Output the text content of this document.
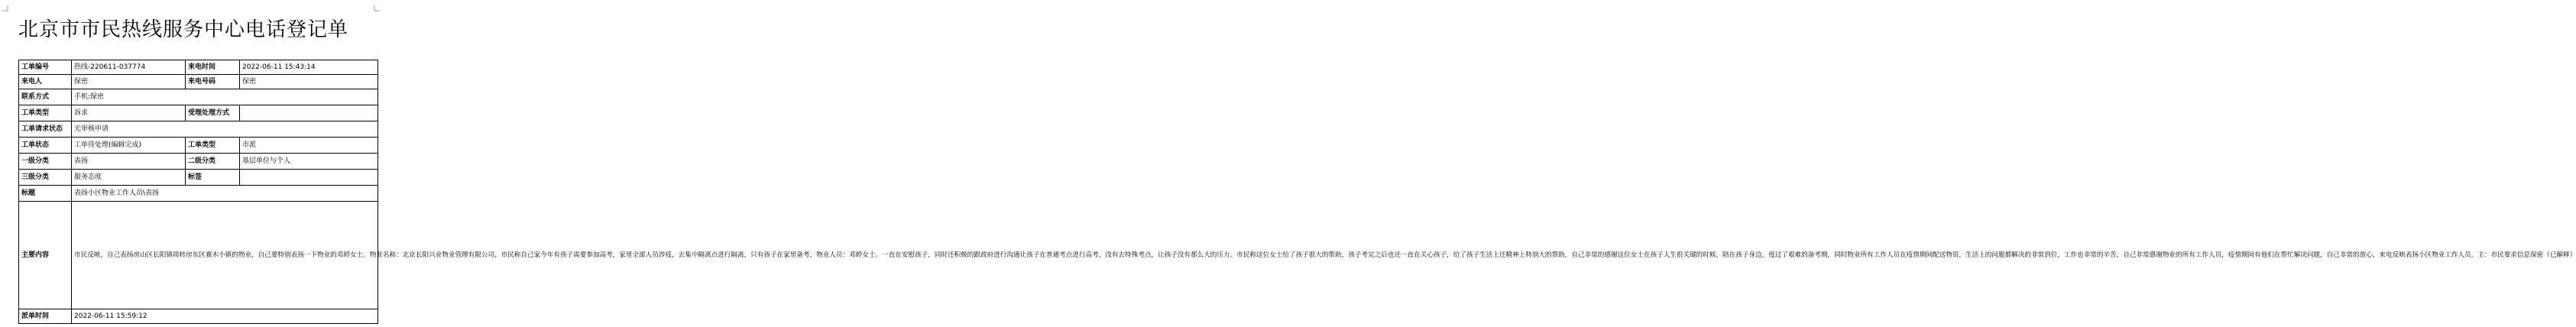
北京市市民热线服务中心电话登记单
工单编号	热线-220611-037774	来电时间	2022-06-11 15:43:14
来电人	保密	来电号码	保密
联系方式	手机:保密		
工单类型	诉求	受理处理方式	
工单请求状态	无审核申请		
工单状态	工单待处理(编辑完成)	工单类型	市派
一级分类	表扬	二级分类	基层单位与个人
三级分类	服务态度	标签	
标题	表扬小区物业工作人员\表扬		
主要内容	市民反映，自己表扬房山区长阳镇周转房东区赛木小镇的物业，自己要特别表扬一下物业的邓婷女士。物业名称：北京长阳兴业物业管理有限公司，市民称自己家今年有孩子需要参加高考，家里全部人员涉疫，去集中隔离点进行隔离，只有孩子在家里备考，物业人员：邓婷女士。一直在安慰孩子，同时还积极的跟政府进行沟通让孩子在普通考点进行高考，没有去特殊考点，让孩子没有那么大的压力。市民称这位女士给了孩子很大的帮助，孩子考完之后也还一直在关心孩子，给了孩子生活上还精神上特别大的帮助，自己非常的感谢这位女士在孩子人生很关键的时候，陪在孩子身边，度过了艰难的备考期，同时物业所有工作人员在疫情期间配送物资，生活上的问题都解决的非常到位，工作也非常的辛苦，自己非常感谢物业的所有工作人员，疫情期间有他们在帮忙解决问题，自己非常的放心，来电反映表扬小区物业工作人员。主：市民要求信息保密（已解释）		
派单时间	2022-06-11 15:59:12		
